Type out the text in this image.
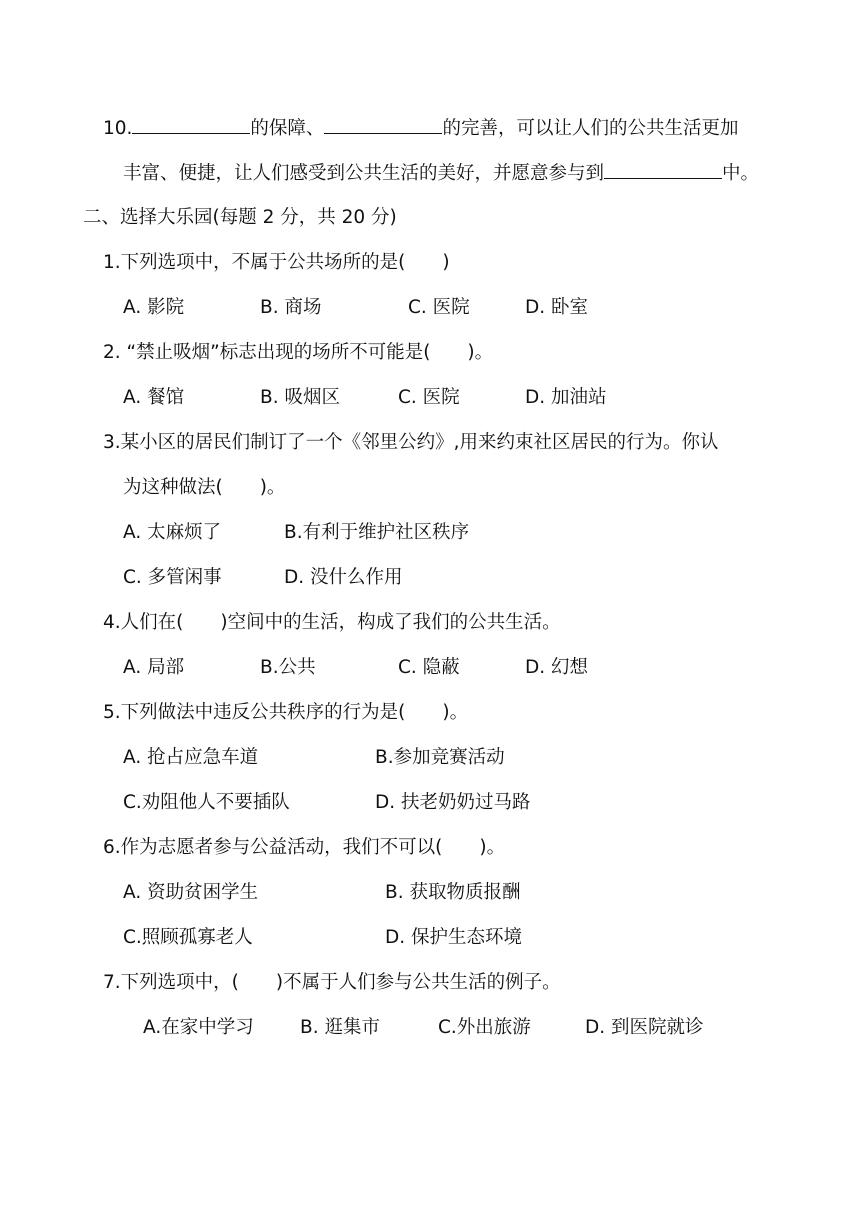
10.	的保障、	的完善，可以让人们的公共生活更加
丰富、便捷，让人们感受到公共生活的美好，并愿意参与到	中。
二、选择大乐园(每题 2 分，共 20 分)
1.下列选项中，不属于公共场所的是(　　)
A. 影院	B. 商场	C. 医院	D. 卧室
2. “禁止吸烟”标志出现的场所不可能是(　　)。
A. 餐馆	B. 吸烟区	C. 医院	D. 加油站
3.某小区的居民们制订了一个《邻里公约》,用来约束社区居民的行为。你认
为这种做法(　　)。
A. 太麻烦了	B.有利于维护社区秩序
C. 多管闲事	D. 没什么作用
4.人们在(　　)空间中的生活，构成了我们的公共生活。
A. 局部	B.公共	C. 隐蔽	D. 幻想
5.下列做法中违反公共秩序的行为是(　　)。
A. 抢占应急车道	B.参加竞赛活动
C.劝阻他人不要插队	D. 扶老奶奶过马路
6.作为志愿者参与公益活动，我们不可以(　　)。
A. 资助贫困学生	B. 获取物质报酬
C.照顾孤寡老人	D. 保护生态环境
7.下列选项中，(　　)不属于人们参与公共生活的例子。
A.在家中学习	B. 逛集市	C.外出旅游	D. 到医院就诊
